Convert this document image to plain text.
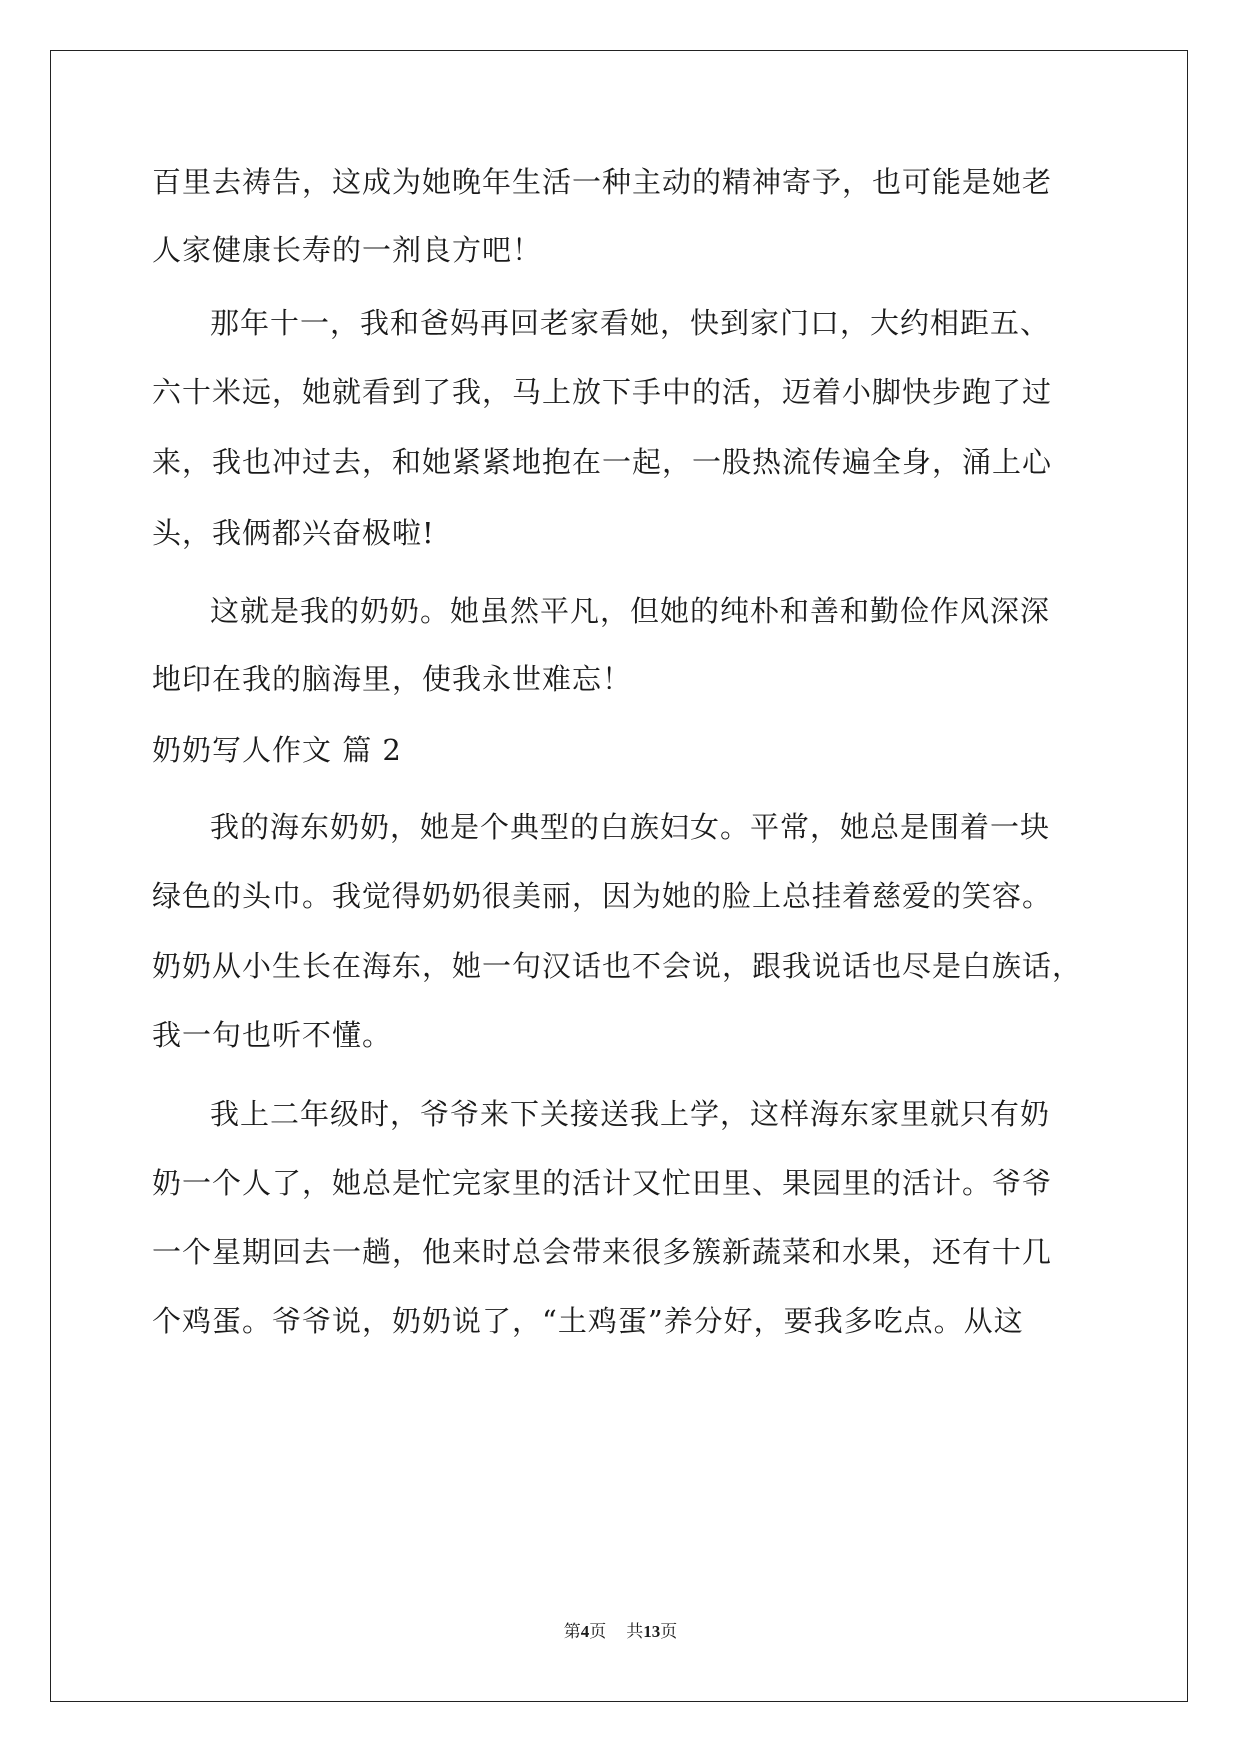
百里去祷告，这成为她晚年生活一种主动的精神寄予，也可能是她老
人家健康长寿的一剂良方吧！
那年十一，我和爸妈再回老家看她，快到家门口，大约相距五、
六十米远，她就看到了我，马上放下手中的活，迈着小脚快步跑了过
来，我也冲过去，和她紧紧地抱在一起，一股热流传遍全身，涌上心
头，我俩都兴奋极啦!
这就是我的奶奶。她虽然平凡，但她的纯朴和善和勤俭作风深深
地印在我的脑海里，使我永世难忘！
奶奶写人作文 篇 2
我的海东奶奶，她是个典型的白族妇女。平常，她总是围着一块
绿色的头巾。我觉得奶奶很美丽，因为她的脸上总挂着慈爱的笑容。
奶奶从小生长在海东，她一句汉话也不会说，跟我说话也尽是白族话，
我一句也听不懂。
我上二年级时，爷爷来下关接送我上学，这样海东家里就只有奶
奶一个人了，她总是忙完家里的活计又忙田里、果园里的活计。爷爷
一个星期回去一趟，他来时总会带来很多簇新蔬菜和水果，还有十几
个鸡蛋。爷爷说，奶奶说了，“土鸡蛋”养分好，要我多吃点。从这
第4页 共13页
